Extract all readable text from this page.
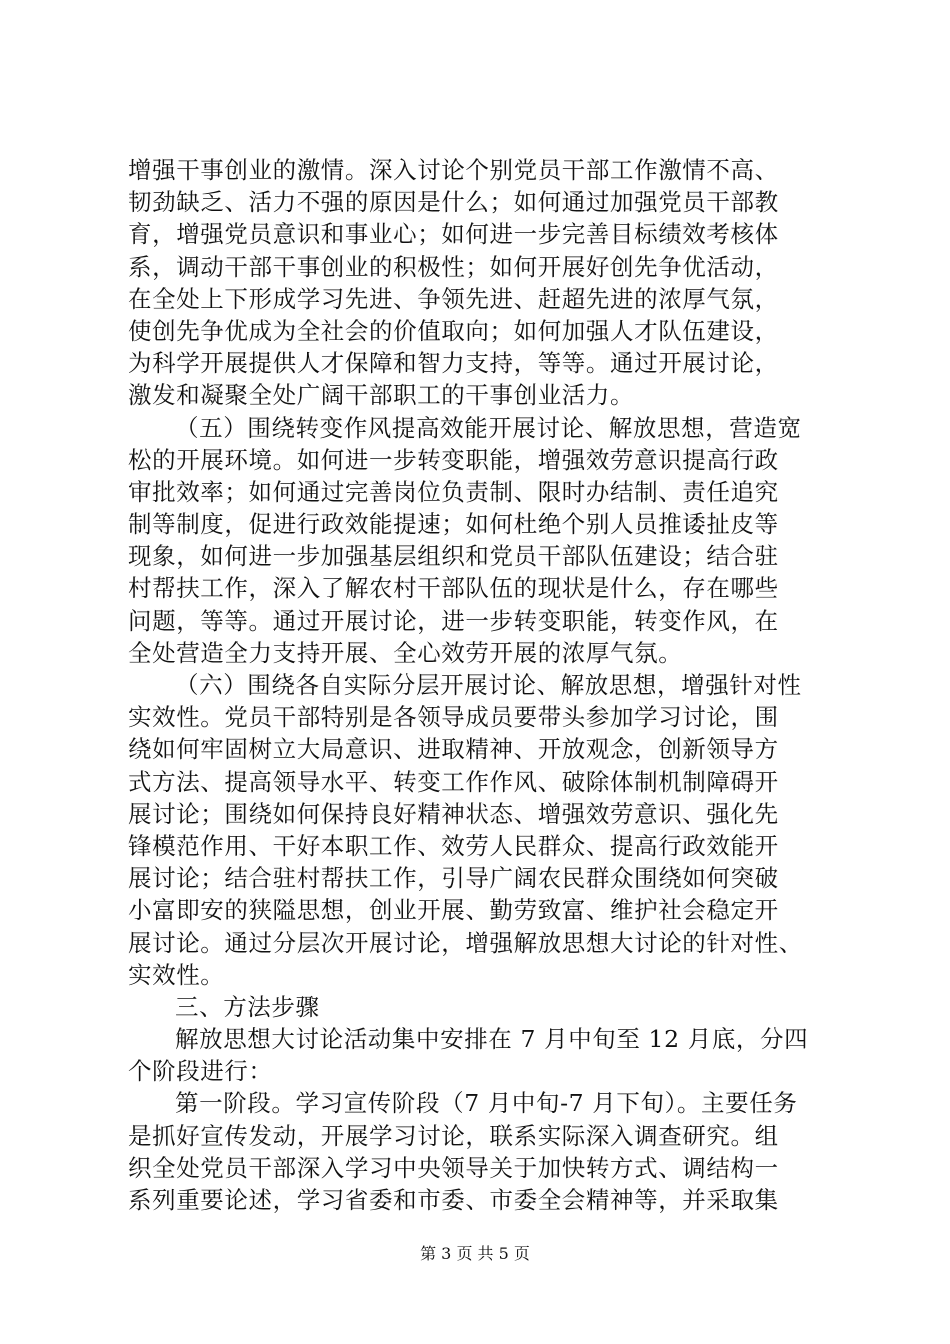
增强干事创业的激情。深入讨论个别党员干部工作激情不高、
韧劲缺乏、活力不强的原因是什么；如何通过加强党员干部教
育，增强党员意识和事业心；如何进一步完善目标绩效考核体
系，调动干部干事创业的积极性；如何开展好创先争优活动，
在全处上下形成学习先进、争领先进、赶超先进的浓厚气氛，
使创先争优成为全社会的价值取向；如何加强人才队伍建设，
为科学开展提供人才保障和智力支持，等等。通过开展讨论，
激发和凝聚全处广阔干部职工的干事创业活力。
（五）围绕转变作风提高效能开展讨论、解放思想，营造宽
松的开展环境。如何进一步转变职能，增强效劳意识提高行政
审批效率；如何通过完善岗位负责制、限时办结制、责任追究
制等制度，促进行政效能提速；如何杜绝个别人员推诿扯皮等
现象，如何进一步加强基层组织和党员干部队伍建设；结合驻
村帮扶工作，深入了解农村干部队伍的现状是什么，存在哪些
问题，等等。通过开展讨论，进一步转变职能，转变作风，在
全处营造全力支持开展、全心效劳开展的浓厚气氛。
（六）围绕各自实际分层开展讨论、解放思想，增强针对性
实效性。党员干部特别是各领导成员要带头参加学习讨论，围
绕如何牢固树立大局意识、进取精神、开放观念，创新领导方
式方法、提高领导水平、转变工作作风、破除体制机制障碍开
展讨论；围绕如何保持良好精神状态、增强效劳意识、强化先
锋模范作用、干好本职工作、效劳人民群众、提高行政效能开
展讨论；结合驻村帮扶工作，引导广阔农民群众围绕如何突破
小富即安的狭隘思想，创业开展、勤劳致富、维护社会稳定开
展讨论。通过分层次开展讨论，增强解放思想大讨论的针对性、
实效性。
三、方法步骤
解放思想大讨论活动集中安排在 7 月中旬至 12 月底，分四
个阶段进行：
第一阶段。学习宣传阶段（7 月中旬-7 月下旬）。主要任务
是抓好宣传发动，开展学习讨论，联系实际深入调查研究。组
织全处党员干部深入学习中央领导关于加快转方式、调结构一
系列重要论述，学习省委和市委、市委全会精神等，并采取集
第 3 页 共 5 页
